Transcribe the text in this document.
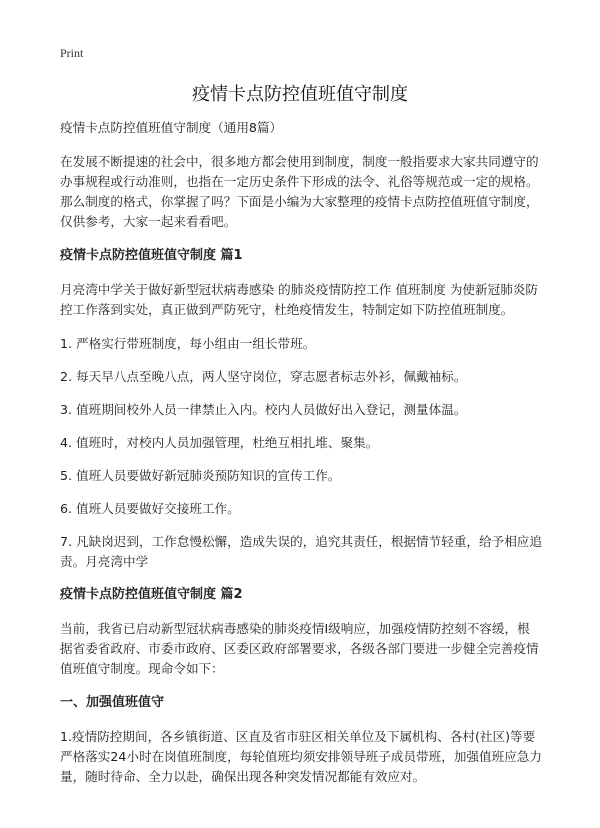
Print
疫情卡点防控值班值守制度

疫情卡点防控值班值守制度（通用8篇）

在发展不断提速的社会中，很多地方都会使用到制度，制度一般指要求大家共同遵守的办事规程或行动准则，也指在一定历史条件下形成的法令、礼俗等规范或一定的规格。那么制度的格式，你掌握了吗？下面是小编为大家整理的疫情卡点防控值班值守制度，仅供参考，大家一起来看看吧。

疫情卡点防控值班值守制度 篇1

月亮湾中学关于做好新型冠状病毒感染 的肺炎疫情防控工作 值班制度 为使新冠肺炎防控工作落到实处，真正做到严防死守，杜绝疫情发生，特制定如下防控值班制度。

1. 严格实行带班制度，每小组由一组长带班。

2. 每天早八点至晚八点，两人坚守岗位，穿志愿者标志外衫，佩戴袖标。

3. 值班期间校外人员一律禁止入内。校内人员做好出入登记，测量体温。

4. 值班时，对校内人员加强管理，杜绝互相扎堆、聚集。

5. 值班人员要做好新冠肺炎预防知识的宣传工作。

6. 值班人员要做好交接班工作。

7. 凡缺岗迟到，工作怠慢松懈，造成失误的，追究其责任，根据情节轻重，给予相应追责。月亮湾中学

疫情卡点防控值班值守制度 篇2

当前，我省已启动新型冠状病毒感染的肺炎疫情I级响应，加强疫情防控刻不容缓，根据省委省政府、市委市政府、区委区政府部署要求，各级各部门要进一步健全完善疫情值班值守制度。现命令如下：

一、加强值班值守

1.疫情防控期间，各乡镇街道、区直及省市驻区相关单位及下属机构、各村(社区)等要严格落实24小时在岗值班制度，每轮值班均须安排领导班子成员带班，加强值班应急力量，随时待命、全力以赴，确保出现各种突发情况都能有效应对。
